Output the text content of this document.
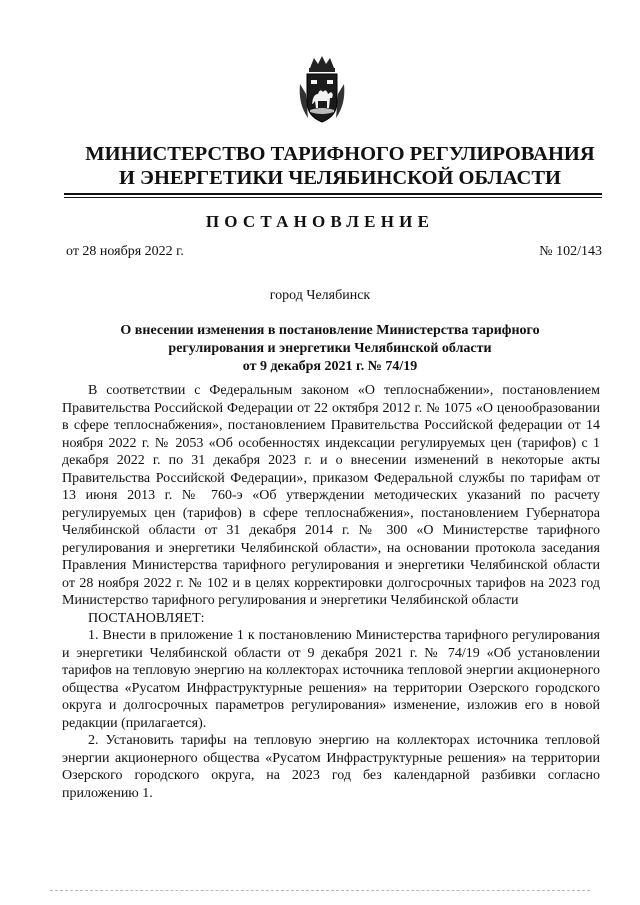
МИНИСТЕРСТВО ТАРИФНОГО РЕГУЛИРОВАНИЯ
И ЭНЕРГЕТИКИ ЧЕЛЯБИНСКОЙ ОБЛАСТИ
ПОСТАНОВЛЕНИЕ
от 28 ноября 2022 г.	№ 102/143
город Челябинск
О внесении изменения в постановление Министерства тарифного
регулирования и энергетики Челябинской области
от 9 декабря 2021 г. № 74/19

В соответствии с Федеральным законом «О теплоснабжении», постановлением Правительства Российской Федерации от 22 октября 2012 г. № 1075 «О ценообразовании в сфере теплоснабжения», постановлением Правительства Российской федерации от 14 ноября 2022 г. № 2053 «Об особенностях индексации регулируемых цен (тарифов) с 1 декабря 2022 г. по 31 декабря 2023 г. и о внесении изменений в некоторые акты Правительства Российской Федерации», приказом Федеральной службы по тарифам от 13 июня 2013 г. № 760-э «Об утверждении методических указаний по расчету регулируемых цен (тарифов) в сфере теплоснабжения», постановлением Губернатора Челябинской области от 31 декабря 2014 г. № 300 «О Министерстве тарифного регулирования и энергетики Челябинской области», на основании протокола заседания Правления Министерства тарифного регулирования и энергетики Челябинской области от 28 ноября 2022 г. № 102 и в целях корректировки долгосрочных тарифов на 2023 год Министерство тарифного регулирования и энергетики Челябинской области

ПОСТАНОВЛЯЕТ:

1. Внести в приложение 1 к постановлению Министерства тарифного регулирования и энергетики Челябинской области от 9 декабря 2021 г. № 74/19 «Об установлении тарифов на тепловую энергию на коллекторах источника тепловой энергии акционерного общества «Русатом Инфраструктурные решения» на территории Озерского городского округа и долгосрочных параметров регулирования» изменение, изложив его в новой редакции (прилагается).

2. Установить тарифы на тепловую энергию на коллекторах источника тепловой энергии акционерного общества «Русатом Инфраструктурные решения» на территории Озерского городского округа, на 2023 год без календарной разбивки согласно приложению 1.
